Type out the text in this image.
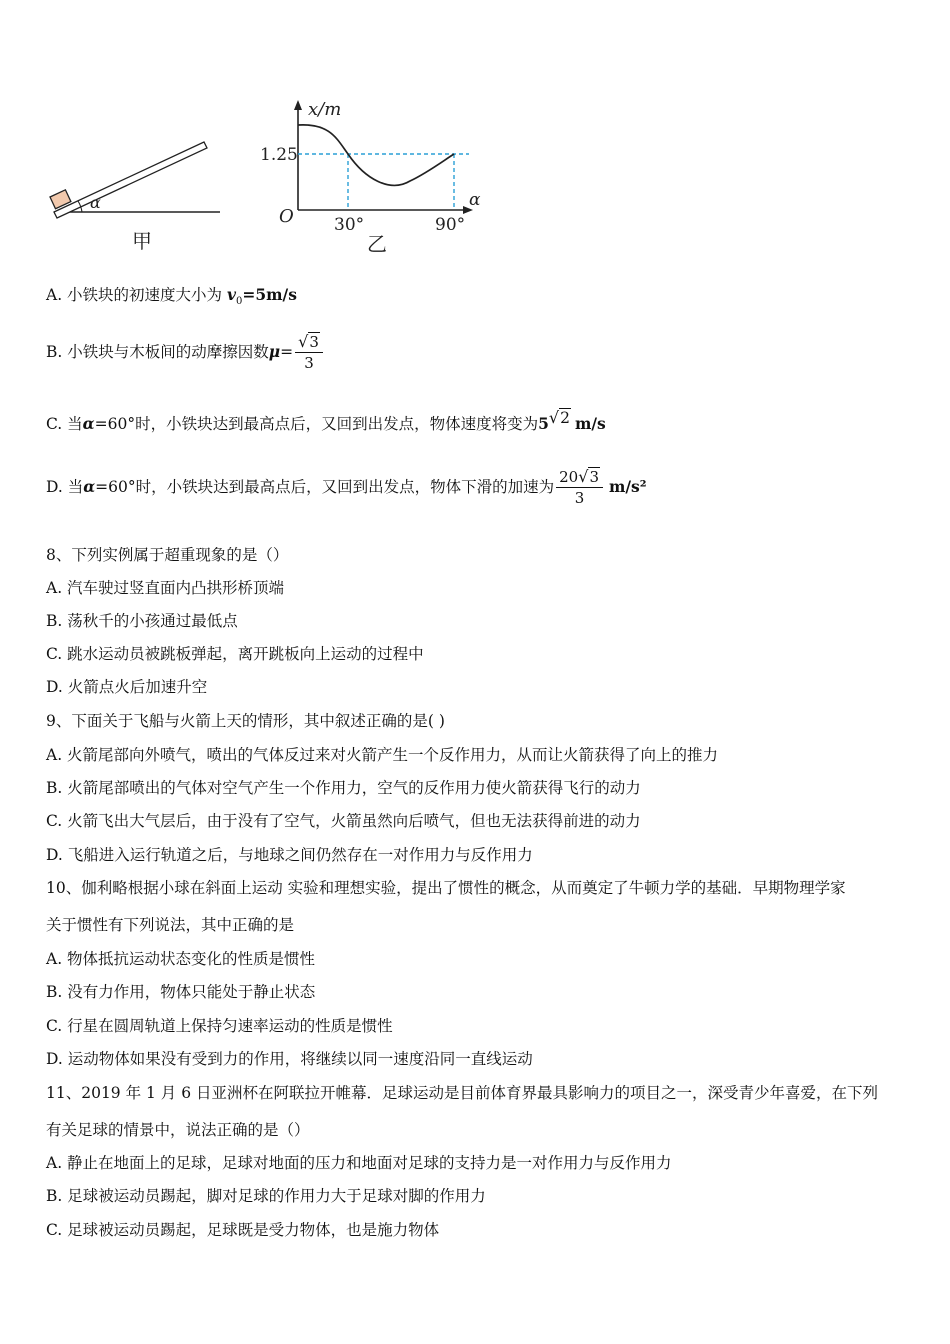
α
甲
x/m
α
O
1.25
30°	90°
乙
A. 小铁块的初速度大小为 $v_0=5m/s$
B. 小铁块与木板间的动摩擦因数 $\mu = \frac{√3}{3}$
C. 当 α =60°时，小铁块达到最高点后，又回到出发点，物体速度将变为 5 √2 m/s
D. 当 α =60°时，小铁块达到最高点后，又回到出发点，物体下滑的加速为 $\frac{20√3}{3} m/s^2$
8、下列实例属于超重现象的是（）
A. 汽车驶过竖直面内凸拱形桥顶端
B. 荡秋千的小孩通过最低点
C. 跳水运动员被跳板弹起，离开跳板向上运动的过程中
D. 火箭点火后加速升空
9、下面关于飞船与火箭上天的情形，其中叙述正确的是( )
A. 火箭尾部向外喷气，喷出的气体反过来对火箭产生一个反作用力，从而让火箭获得了向上的推力
B. 火箭尾部喷出的气体对空气产生一个作用力，空气的反作用力使火箭获得飞行的动力
C. 火箭飞出大气层后，由于没有了空气，火箭虽然向后喷气，但也无法获得前进的动力
D. 飞船进入运行轨道之后，与地球之间仍然存在一对作用力与反作用力
10、伽利略根据小球在斜面上运动 实验和理想实验，提出了惯性的概念，从而奠定了牛顿力学的基础．早期物理学家
关于惯性有下列说法，其中正确的是
A. 物体抵抗运动状态变化的性质是惯性
B. 没有力作用，物体只能处于静止状态
C. 行星在圆周轨道上保持匀速率运动的性质是惯性
D. 运动物体如果没有受到力的作用，将继续以同一速度沿同一直线运动
11、2019 年 1 月 6 日亚洲杯在阿联拉开帷幕．足球运动是目前体育界最具影响力的项目之一，深受青少年喜爱，在下列
有关足球的情景中，说法正确的是（）
A. 静止在地面上的足球，足球对地面的压力和地面对足球的支持力是一对作用力与反作用力
B. 足球被运动员踢起，脚对足球的作用力大于足球对脚的作用力
C. 足球被运动员踢起，足球既是受力物体，也是施力物体
